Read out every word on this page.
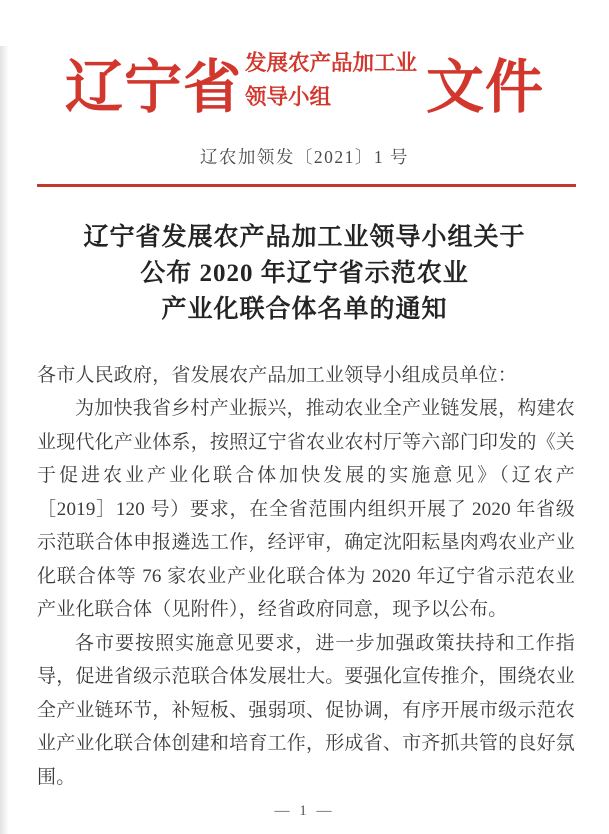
辽宁省 发展农产品加工业 领导小组	文件
辽农加领发〔2021〕1 号
辽宁省发展农产品加工业领导小组关于
公布 2020 年辽宁省示范农业
产业化联合体名单的通知

各市人民政府，省发展农产品加工业领导小组成员单位：

为加快我省乡村产业振兴，推动农业全产业链发展，构建农业现代化产业体系，按照辽宁省农业农村厅等六部门印发的《关于促进农业产业化联合体加快发展的实施意见》（辽农产［2019］120 号）要求，在全省范围内组织开展了 2020 年省级示范联合体申报遴选工作，经评审，确定沈阳耘垦肉鸡农业产业化联合体等 76 家农业产业化联合体为 2020 年辽宁省示范农业产业化联合体（见附件），经省政府同意，现予以公布。

各市要按照实施意见要求，进一步加强政策扶持和工作指导，促进省级示范联合体发展壮大。要强化宣传推介，围绕农业全产业链环节，补短板、强弱项、促协调，有序开展市级示范农业产业化联合体创建和培育工作，形成省、市齐抓共管的良好氛围。

— 1 —
